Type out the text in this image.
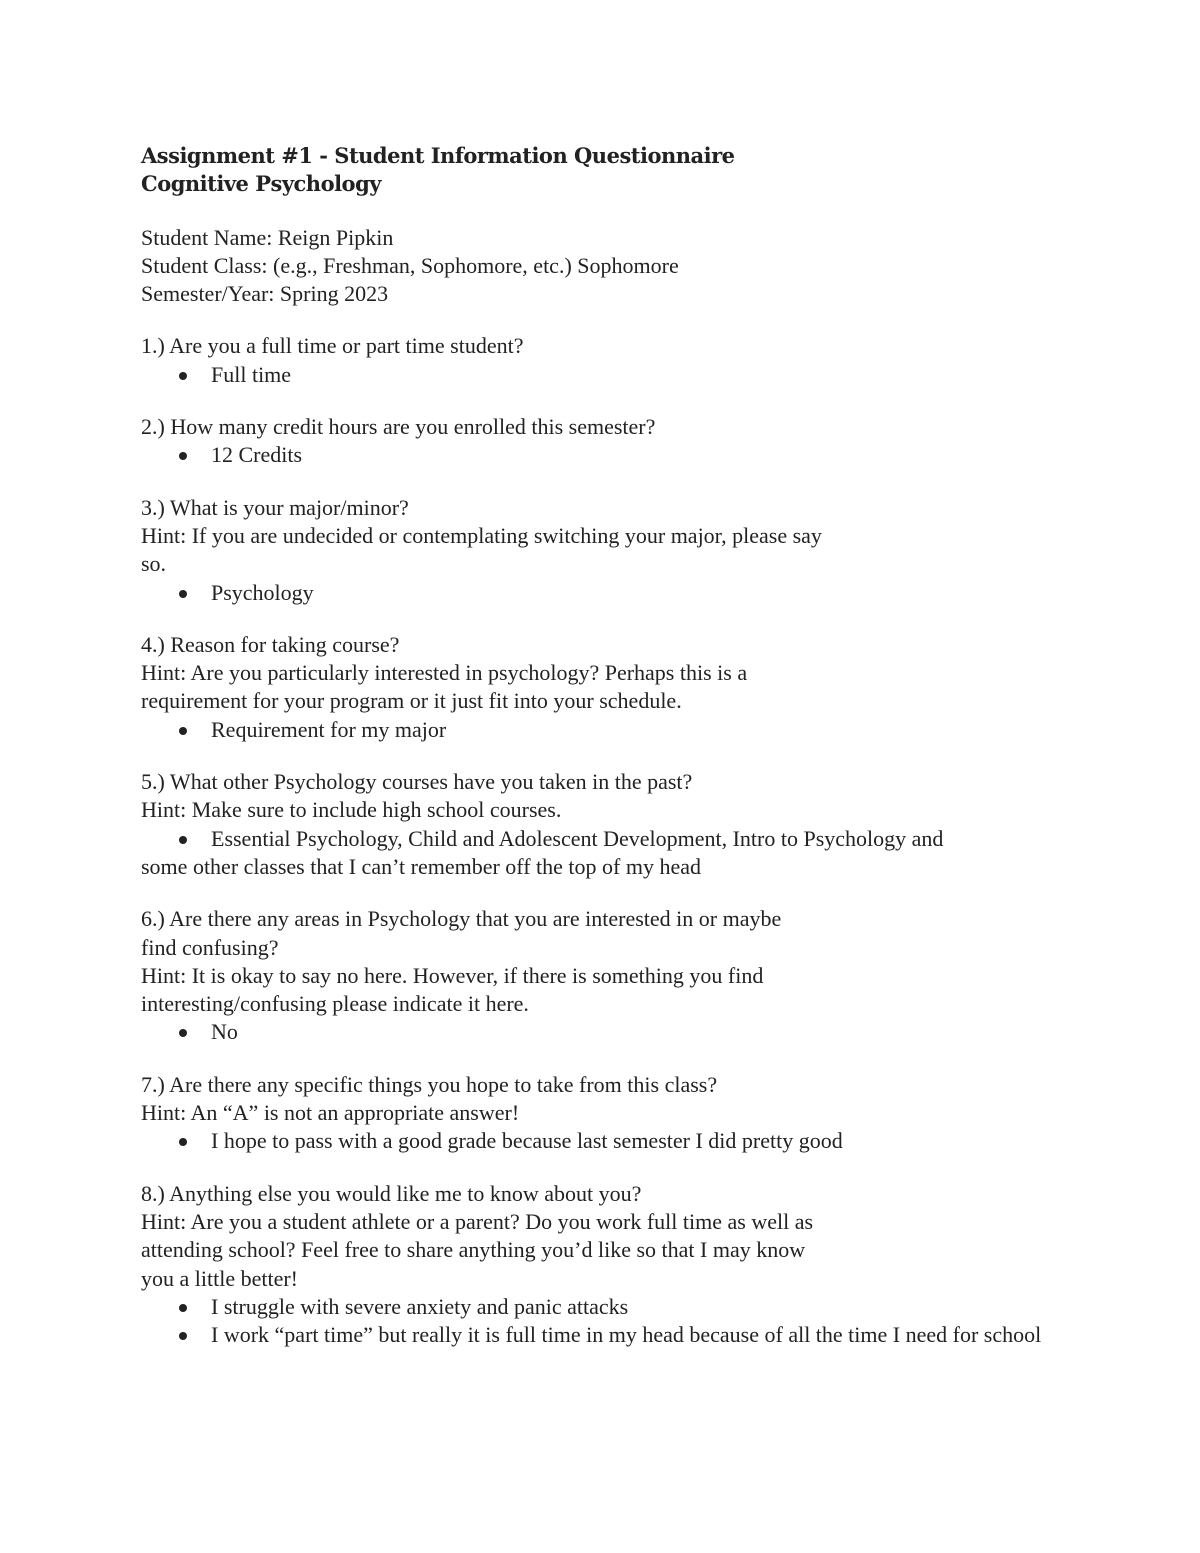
Assignment #1 - Student Information Questionnaire
Cognitive Psychology
Student Name: Reign Pipkin
Student Class: (e.g., Freshman, Sophomore, etc.) Sophomore
Semester/Year: Spring 2023
1.) Are you a full time or part time student?
Full time
2.) How many credit hours are you enrolled this semester?
12 Credits
3.) What is your major/minor?
Hint: If you are undecided or contemplating switching your major, please say
so.
Psychology
4.) Reason for taking course?
Hint: Are you particularly interested in psychology? Perhaps this is a
requirement for your program or it just fit into your schedule.
Requirement for my major
5.) What other Psychology courses have you taken in the past?
Hint: Make sure to include high school courses.
Essential Psychology, Child and Adolescent Development, Intro to Psychology and
some other classes that I can’t remember off the top of my head
6.) Are there any areas in Psychology that you are interested in or maybe
find confusing?
Hint: It is okay to say no here. However, if there is something you find
interesting/confusing please indicate it here.
No
7.) Are there any specific things you hope to take from this class?
Hint: An “A” is not an appropriate answer!
I hope to pass with a good grade because last semester I did pretty good
8.) Anything else you would like me to know about you?
Hint: Are you a student athlete or a parent? Do you work full time as well as
attending school? Feel free to share anything you’d like so that I may know
you a little better!
I struggle with severe anxiety and panic attacks
I work “part time” but really it is full time in my head because of all the time I need for school
